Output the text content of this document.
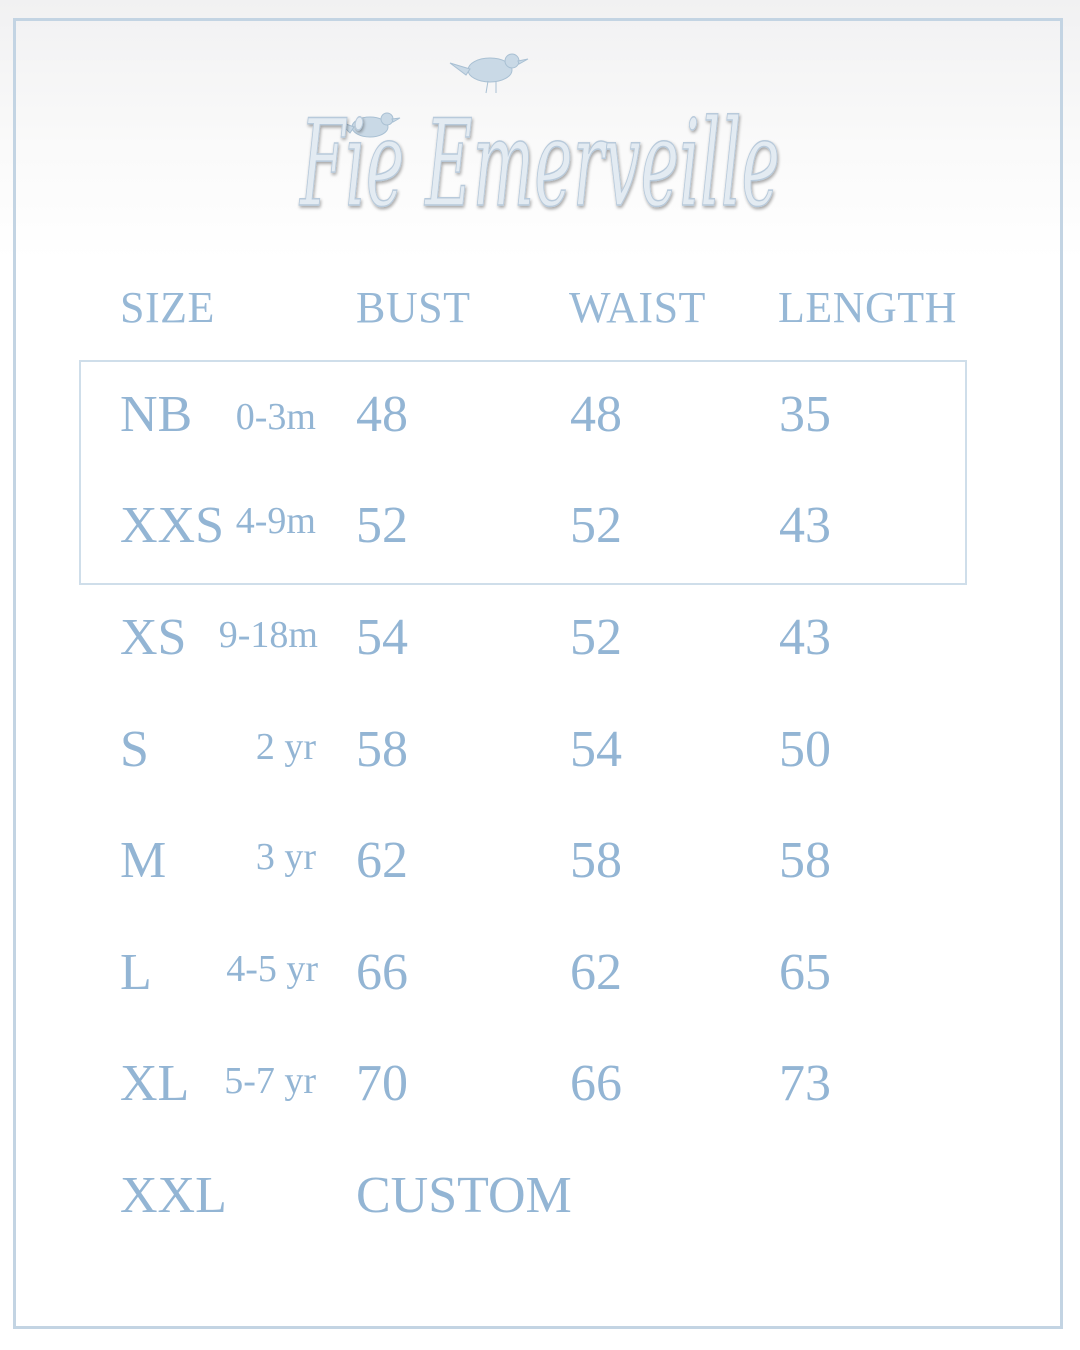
Fie Emerveille
SIZE	BUST WAIST LENGTH
NB	0-3m 48	48	35
XXS 4-9m 52	52	43
XS 9-18m 54	52	43
S	2 yr 58	54	50
M	3 yr 62	58	58
L	4-5 yr 66	62	65
XL 5-7 yr 70	66	73
XXL CUSTOM
